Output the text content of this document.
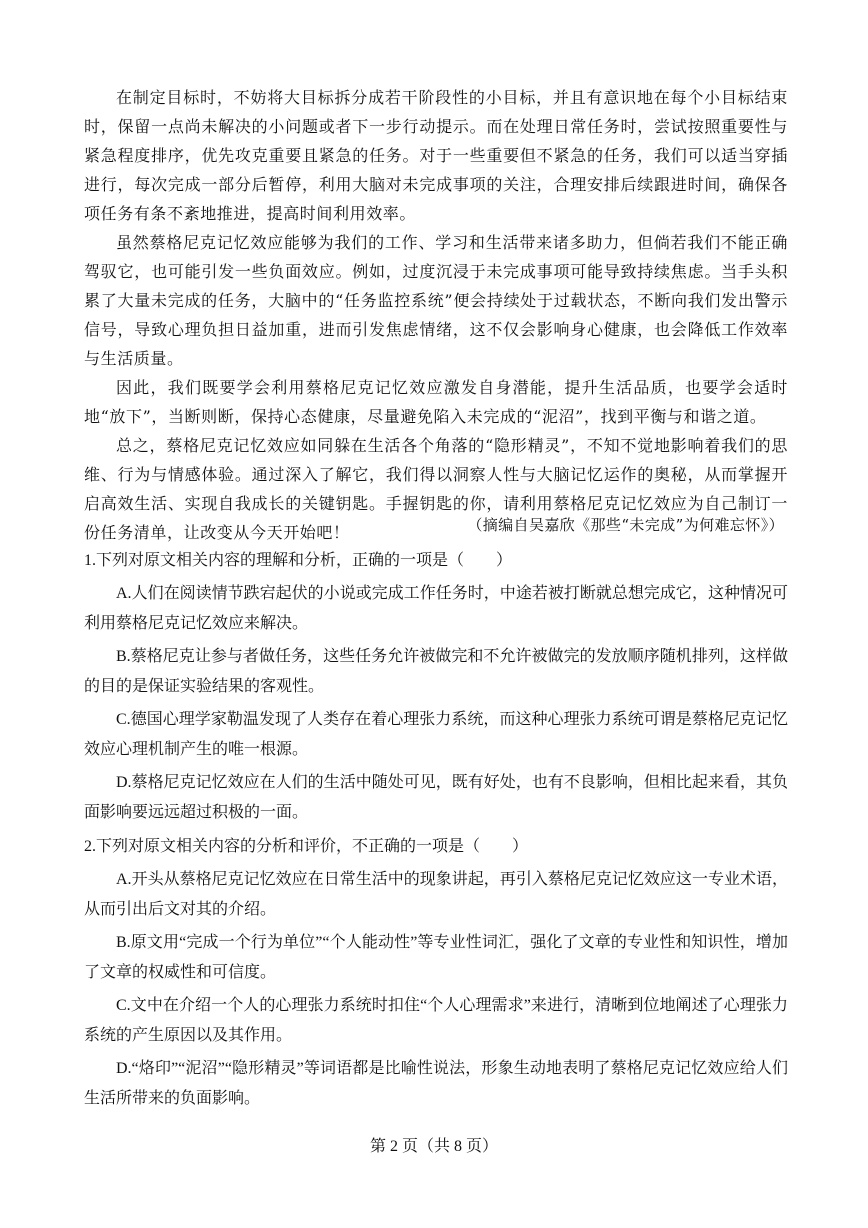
在制定目标时，不妨将大目标拆分成若干阶段性的小目标，并且有意识地在每个小目标结束时，保留一点尚未解决的小问题或者下一步行动提示。而在处理日常任务时，尝试按照重要性与紧急程度排序，优先攻克重要且紧急的任务。对于一些重要但不紧急的任务，我们可以适当穿插进行，每次完成一部分后暂停，利用大脑对未完成事项的关注，合理安排后续跟进时间，确保各项任务有条不紊地推进，提高时间利用效率。

虽然蔡格尼克记忆效应能够为我们的工作、学习和生活带来诸多助力，但倘若我们不能正确驾驭它，也可能引发一些负面效应。例如，过度沉浸于未完成事项可能导致持续焦虑。当手头积累了大量未完成的任务，大脑中的“任务监控系统”便会持续处于过载状态，不断向我们发出警示信号，导致心理负担日益加重，进而引发焦虑情绪，这不仅会影响身心健康，也会降低工作效率与生活质量。

因此，我们既要学会利用蔡格尼克记忆效应激发自身潜能，提升生活品质，也要学会适时地“放下”，当断则断，保持心态健康，尽量避免陷入未完成的“泥沼”，找到平衡与和谐之道。

总之，蔡格尼克记忆效应如同躲在生活各个角落的“隐形精灵”，不知不觉地影响着我们的思维、行为与情感体验。通过深入了解它，我们得以洞察人性与大脑记忆运作的奥秘，从而掌握开启高效生活、实现自我成长的关键钥匙。手握钥匙的你，请利用蔡格尼克记忆效应为自己制订一份任务清单，让改变从今天开始吧！	（摘编自吴嘉欣《那些“未完成”为何难忘怀》）
1.下列对原文相关内容的理解和分析，正确的一项是（　　）
A.人们在阅读情节跌宕起伏的小说或完成工作任务时，中途若被打断就总想完成它，这种情况可利用蔡格尼克记忆效应来解决。
B.蔡格尼克让参与者做任务，这些任务允许被做完和不允许被做完的发放顺序随机排列，这样做的目的是保证实验结果的客观性。
C.德国心理学家勒温发现了人类存在着心理张力系统，而这种心理张力系统可谓是蔡格尼克记忆效应心理机制产生的唯一根源。
D.蔡格尼克记忆效应在人们的生活中随处可见，既有好处，也有不良影响，但相比起来看，其负面影响要远远超过积极的一面。
2.下列对原文相关内容的分析和评价，不正确的一项是（　　）
A.开头从蔡格尼克记忆效应在日常生活中的现象讲起，再引入蔡格尼克记忆效应这一专业术语，从而引出后文对其的介绍。
B.原文用“完成一个行为单位”“个人能动性”等专业性词汇，强化了文章的专业性和知识性，增加了文章的权威性和可信度。
C.文中在介绍一个人的心理张力系统时扣住“个人心理需求”来进行，清晰到位地阐述了心理张力系统的产生原因以及其作用。
D.“烙印”“泥沼”“隐形精灵”等词语都是比喻性说法，形象生动地表明了蔡格尼克记忆效应给人们生活所带来的负面影响。
第 2 页（共 8 页）
